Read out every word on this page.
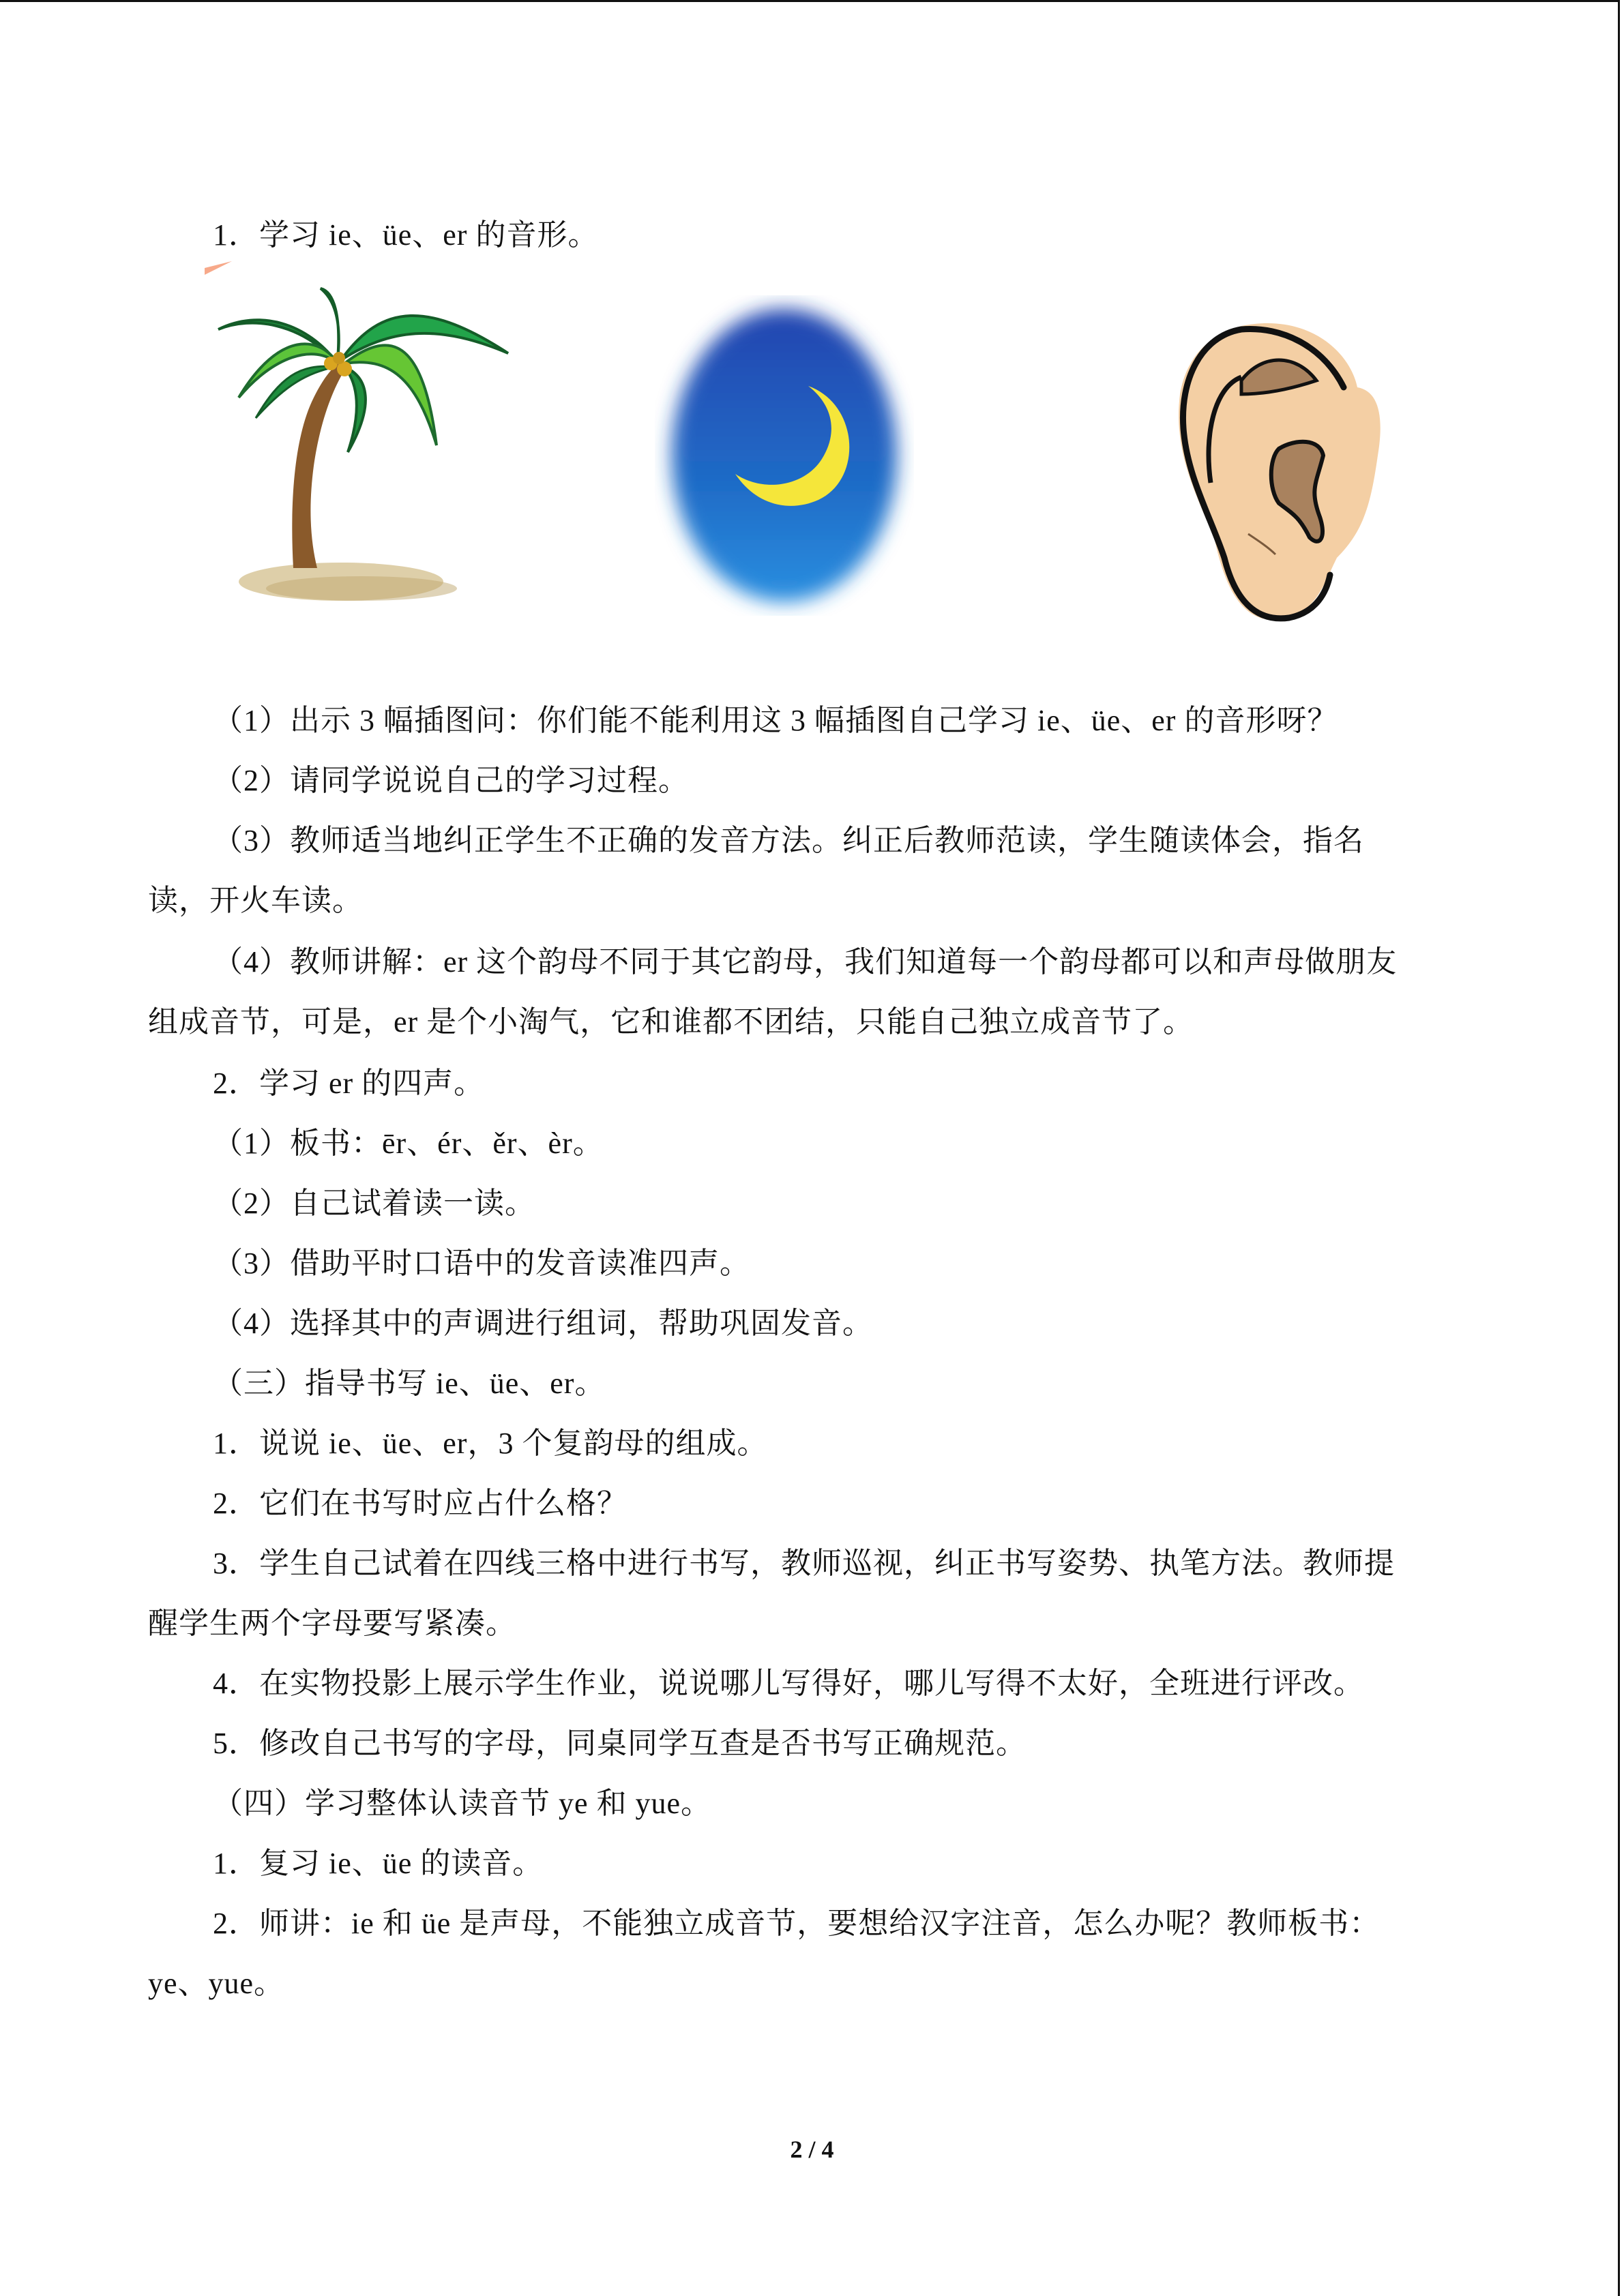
1．学习 ie、üe、er 的音形。
（1）出示 3 幅插图问：你们能不能利用这 3 幅插图自己学习 ie、üe、er 的音形呀？
（2）请同学说说自己的学习过程。
（3）教师适当地纠正学生不正确的发音方法。纠正后教师范读，学生随读体会，指名
读，开火车读。
（4）教师讲解：er 这个韵母不同于其它韵母，我们知道每一个韵母都可以和声母做朋友
组成音节，可是，er 是个小淘气，它和谁都不团结，只能自己独立成音节了。
2．学习 er 的四声。
（1）板书：ēr、ér、ěr、èr。
（2）自己试着读一读。
（3）借助平时口语中的发音读准四声。
（4）选择其中的声调进行组词，帮助巩固发音。
（三）指导书写 ie、üe、er。
1．说说 ie、üe、er，3 个复韵母的组成。
2．它们在书写时应占什么格？
3．学生自己试着在四线三格中进行书写，教师巡视，纠正书写姿势、执笔方法。教师提
醒学生两个字母要写紧凑。
4．在实物投影上展示学生作业，说说哪儿写得好，哪儿写得不太好，全班进行评改。
5．修改自己书写的字母，同桌同学互查是否书写正确规范。
（四）学习整体认读音节 ye 和 yue。
1．复习 ie、üe 的读音。
2．师讲：ie 和 üe 是声母，不能独立成音节，要想给汉字注音，怎么办呢？教师板书：
ye、yue。
2 / 4
